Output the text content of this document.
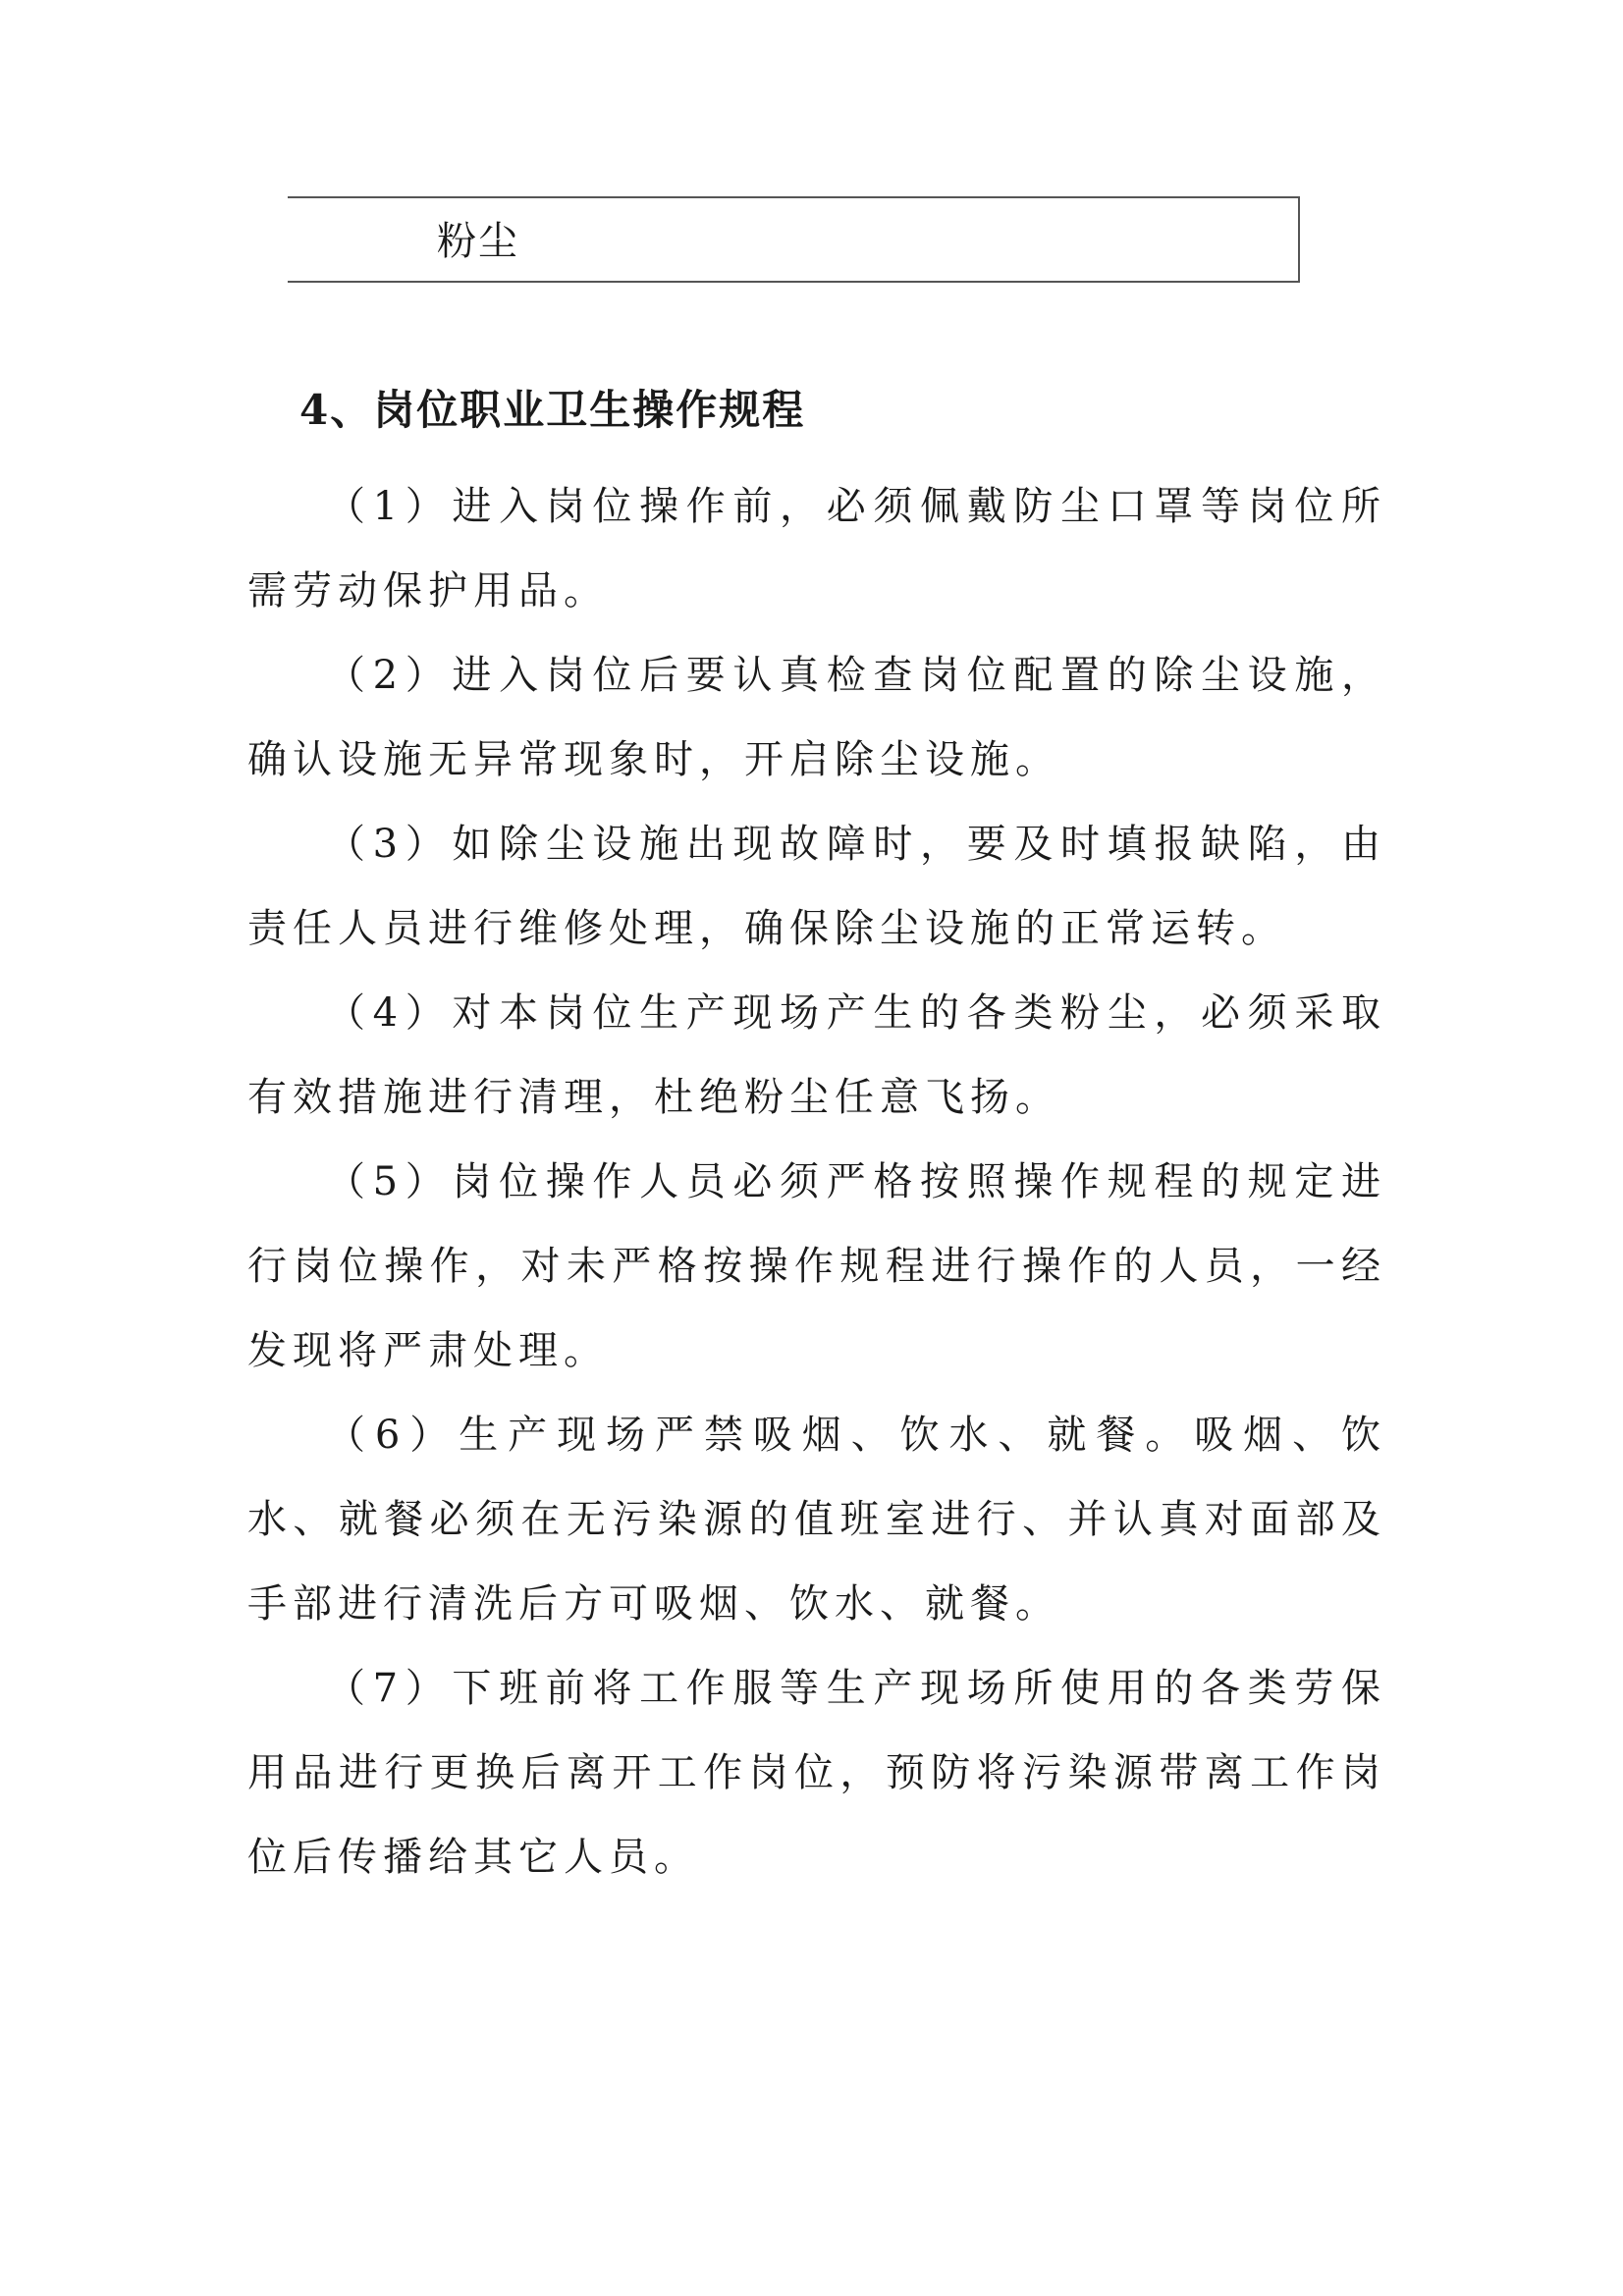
粉尘
4、岗位职业卫生操作规程

（1）进入岗位操作前，必须佩戴防尘口罩等岗位所需劳动保护用品。

（2）进入岗位后要认真检查岗位配置的除尘设施，确认设施无异常现象时，开启除尘设施。

（3）如除尘设施出现故障时，要及时填报缺陷，由责任人员进行维修处理，确保除尘设施的正常运转。

（4）对本岗位生产现场产生的各类粉尘，必须采取有效措施进行清理，杜绝粉尘任意飞扬。

（5）岗位操作人员必须严格按照操作规程的规定进行岗位操作，对未严格按操作规程进行操作的人员，一经发现将严肃处理。

（6）生产现场严禁吸烟、饮水、就餐。吸烟、饮水、就餐必须在无污染源的值班室进行、并认真对面部及手部进行清洗后方可吸烟、饮水、就餐。

（7）下班前将工作服等生产现场所使用的各类劳保用品进行更换后离开工作岗位，预防将污染源带离工作岗位后传播给其它人员。
